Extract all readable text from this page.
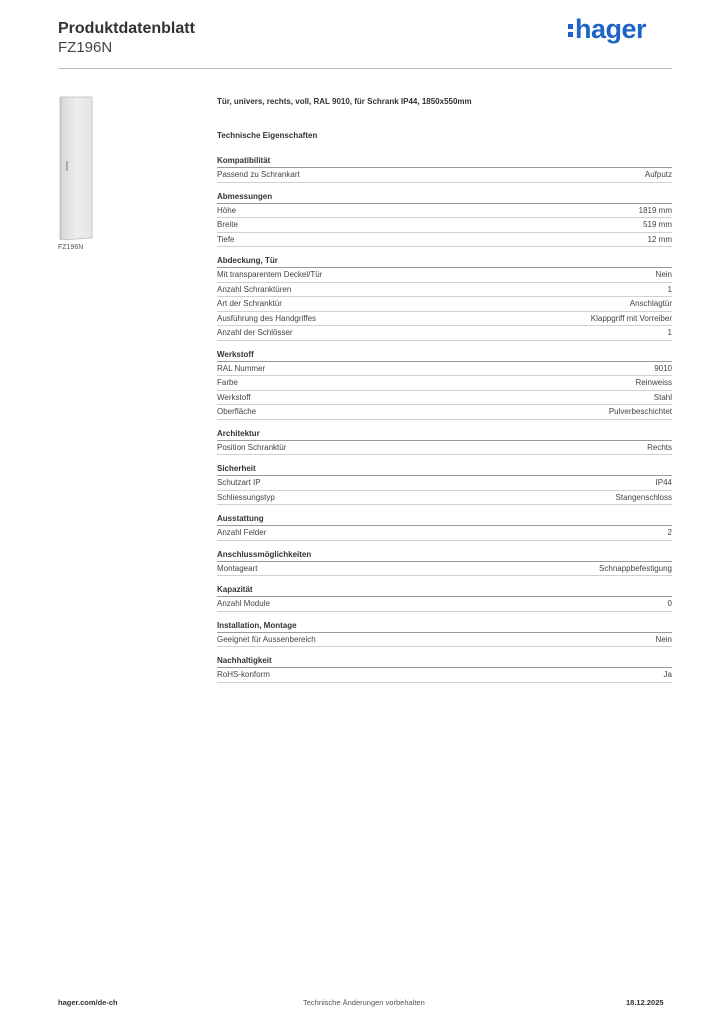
Produktdatenblatt
FZ196N
hager
FZ196N
Tür, univers, rechts, voll, RAL 9010, für Schrank IP44, 1850x550mm
Technische Eigenschaften
Kompatibilität
Passend zu Schrankart	Aufputz
Abmessungen
Höhe	1819 mm
Breite	519 mm
Tiefe	12 mm
Abdeckung, Tür
Mit transparentem Deckel/Tür	Nein
Anzahl Schranktüren	1
Art der Schranktür	Anschlagtür
Ausführung des Handgriffes	Klappgriff mit Vorreiber
Anzahl der Schlösser	1
Werkstoff
RAL Nummer	9010
Farbe	Reinweiss
Werkstoff	Stahl
Oberfläche	Pulverbeschichtet
Architektur
Position Schranktür	Rechts
Sicherheit
Schutzart IP	IP44
Schliessungstyp	Stangenschloss
Ausstattung
Anzahl Felder	2
Anschlussmöglichkeiten
Montageart	Schnappbefestigung
Kapazität
Anzahl Module	0
Installation, Montage
Geeignet für Aussenbereich	Nein
Nachhaltigkeit
RoHS-konform	Ja
hager.com/de-ch	Technische Änderungen vorbehalten	18.12.2025
